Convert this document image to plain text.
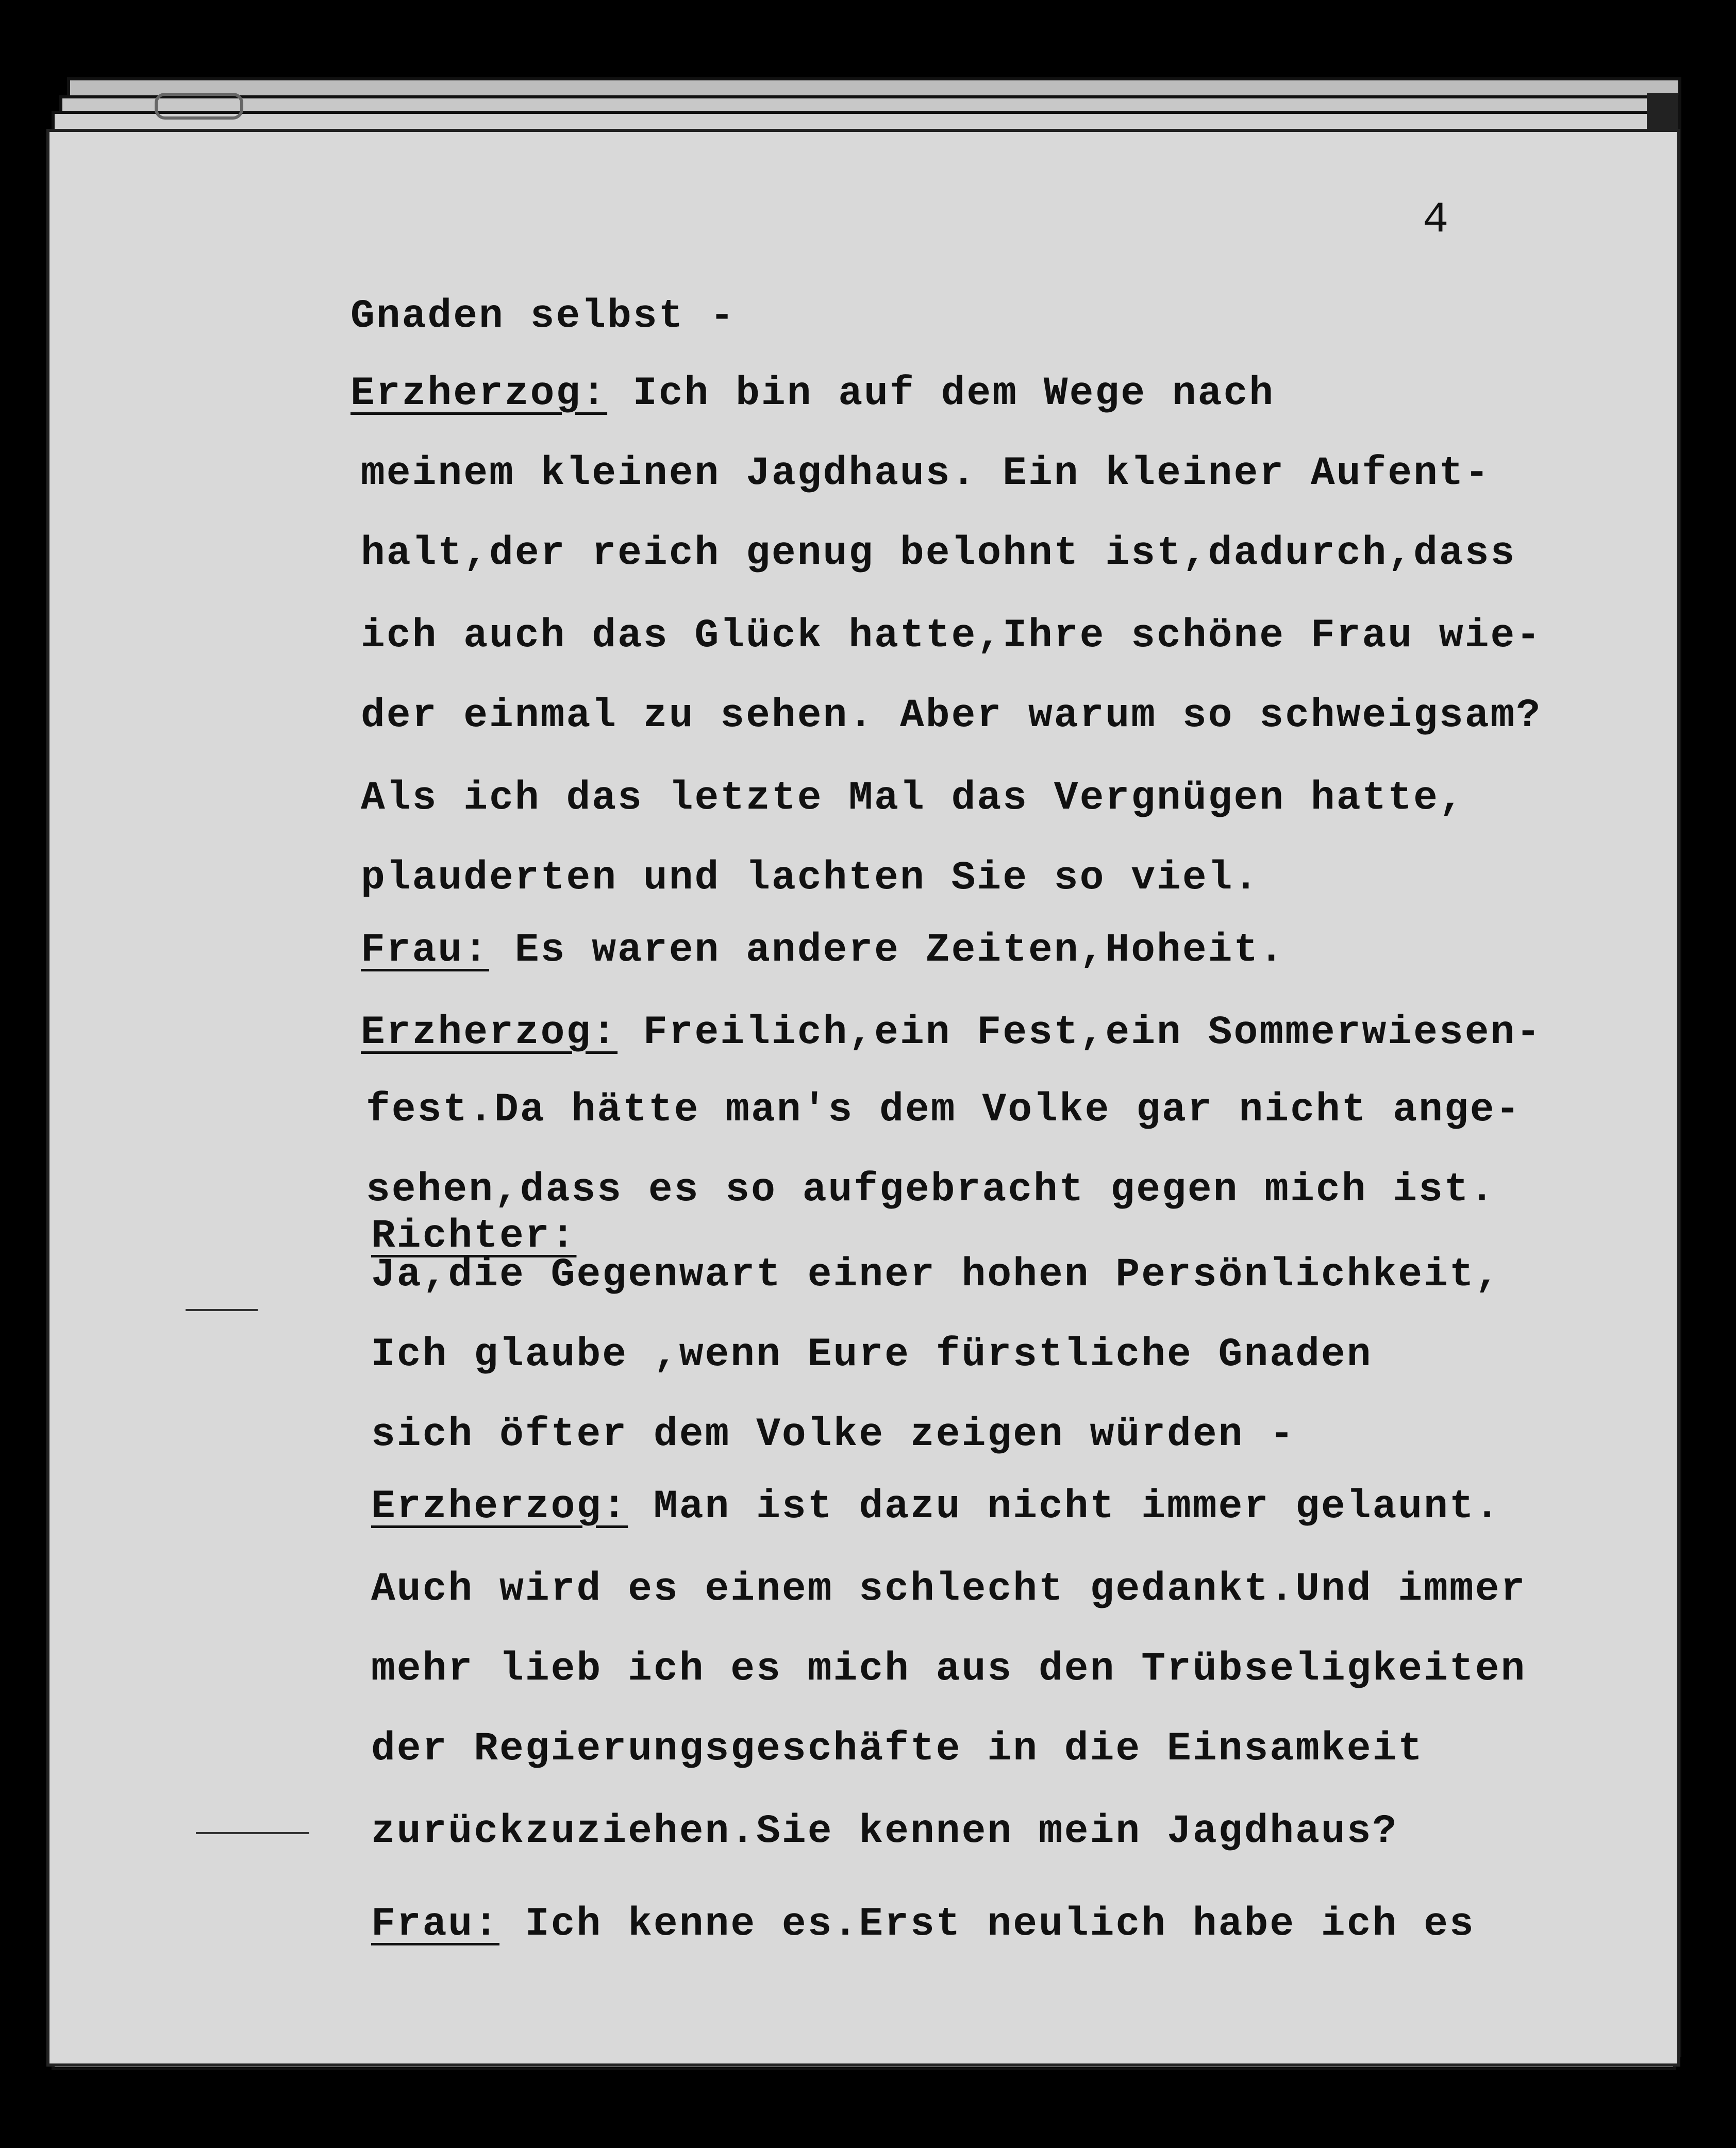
4
Gnaden selbst -
Erzherzog: Ich bin auf dem Wege nach
meinem kleinen Jagdhaus. Ein kleiner Aufent-
halt,der reich genug belohnt ist,dadurch,dass
ich auch das Glück hatte,Ihre schöne Frau wie-
der einmal zu sehen. Aber warum so schweigsam?
Als ich das letzte Mal das Vergnügen hatte,
plauderten und lachten Sie so viel.
Frau: Es waren andere Zeiten,Hoheit.
Erzherzog: Freilich,ein Fest,ein Sommerwiesen-
fest.Da hätte man's dem Volke gar nicht ange-
sehen,dass es so aufgebracht gegen mich ist.
Richter:
Ja,die Gegenwart einer hohen Persönlichkeit,
Ich glaube ,wenn Eure fürstliche Gnaden
sich öfter dem Volke zeigen würden -
Erzherzog: Man ist dazu nicht immer gelaunt.
Auch wird es einem schlecht gedankt.Und immer
mehr lieb ich es mich aus den Trübseligkeiten
der Regierungsgeschäfte in die Einsamkeit
zurückzuziehen.Sie kennen mein Jagdhaus?
Frau: Ich kenne es.Erst neulich habe ich es
